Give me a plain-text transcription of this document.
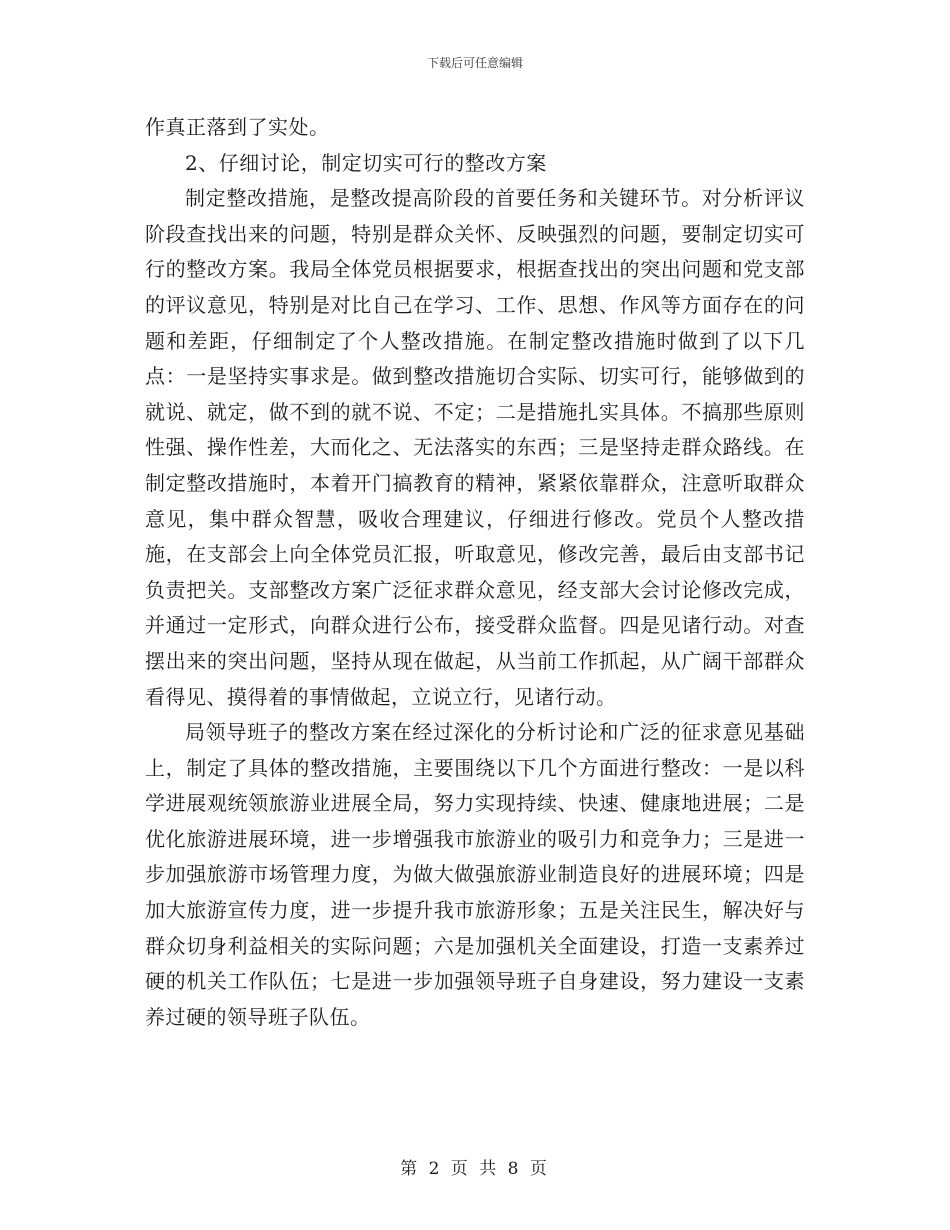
下载后可任意编辑

作真正落到了实处。

2、仔细讨论，制定切实可行的整改方案

制定整改措施，是整改提高阶段的首要任务和关键环节。对分析评议阶段查找出来的问题，特别是群众关怀、反映强烈的问题，要制定切实可行的整改方案。我局全体党员根据要求，根据查找出的突出问题和党支部的评议意见，特别是对比自己在学习、工作、思想、作风等方面存在的问题和差距，仔细制定了个人整改措施。在制定整改措施时做到了以下几点：一是坚持实事求是。做到整改措施切合实际、切实可行，能够做到的就说、就定，做不到的就不说、不定；二是措施扎实具体。不搞那些原则性强、操作性差，大而化之、无法落实的东西；三是坚持走群众路线。在制定整改措施时，本着开门搞教育的精神，紧紧依靠群众，注意听取群众意见，集中群众智慧，吸收合理建议，仔细进行修改。党员个人整改措施，在支部会上向全体党员汇报，听取意见，修改完善，最后由支部书记负责把关。支部整改方案广泛征求群众意见，经支部大会讨论修改完成，并通过一定形式，向群众进行公布，接受群众监督。四是见诸行动。对查摆出来的突出问题，坚持从现在做起，从当前工作抓起，从广阔干部群众看得见、摸得着的事情做起，立说立行，见诸行动。

局领导班子的整改方案在经过深化的分析讨论和广泛的征求意见基础上，制定了具体的整改措施，主要围绕以下几个方面进行整改：一是以科学进展观统领旅游业进展全局，努力实现持续、快速、健康地进展；二是优化旅游进展环境，进一步增强我市旅游业的吸引力和竞争力；三是进一步加强旅游市场管理力度，为做大做强旅游业制造良好的进展环境；四是加大旅游宣传力度，进一步提升我市旅游形象；五是关注民生，解决好与群众切身利益相关的实际问题；六是加强机关全面建设，打造一支素养过硬的机关工作队伍；七是进一步加强领导班子自身建设，努力建设一支素养过硬的领导班子队伍。

第 2 页 共 8 页
